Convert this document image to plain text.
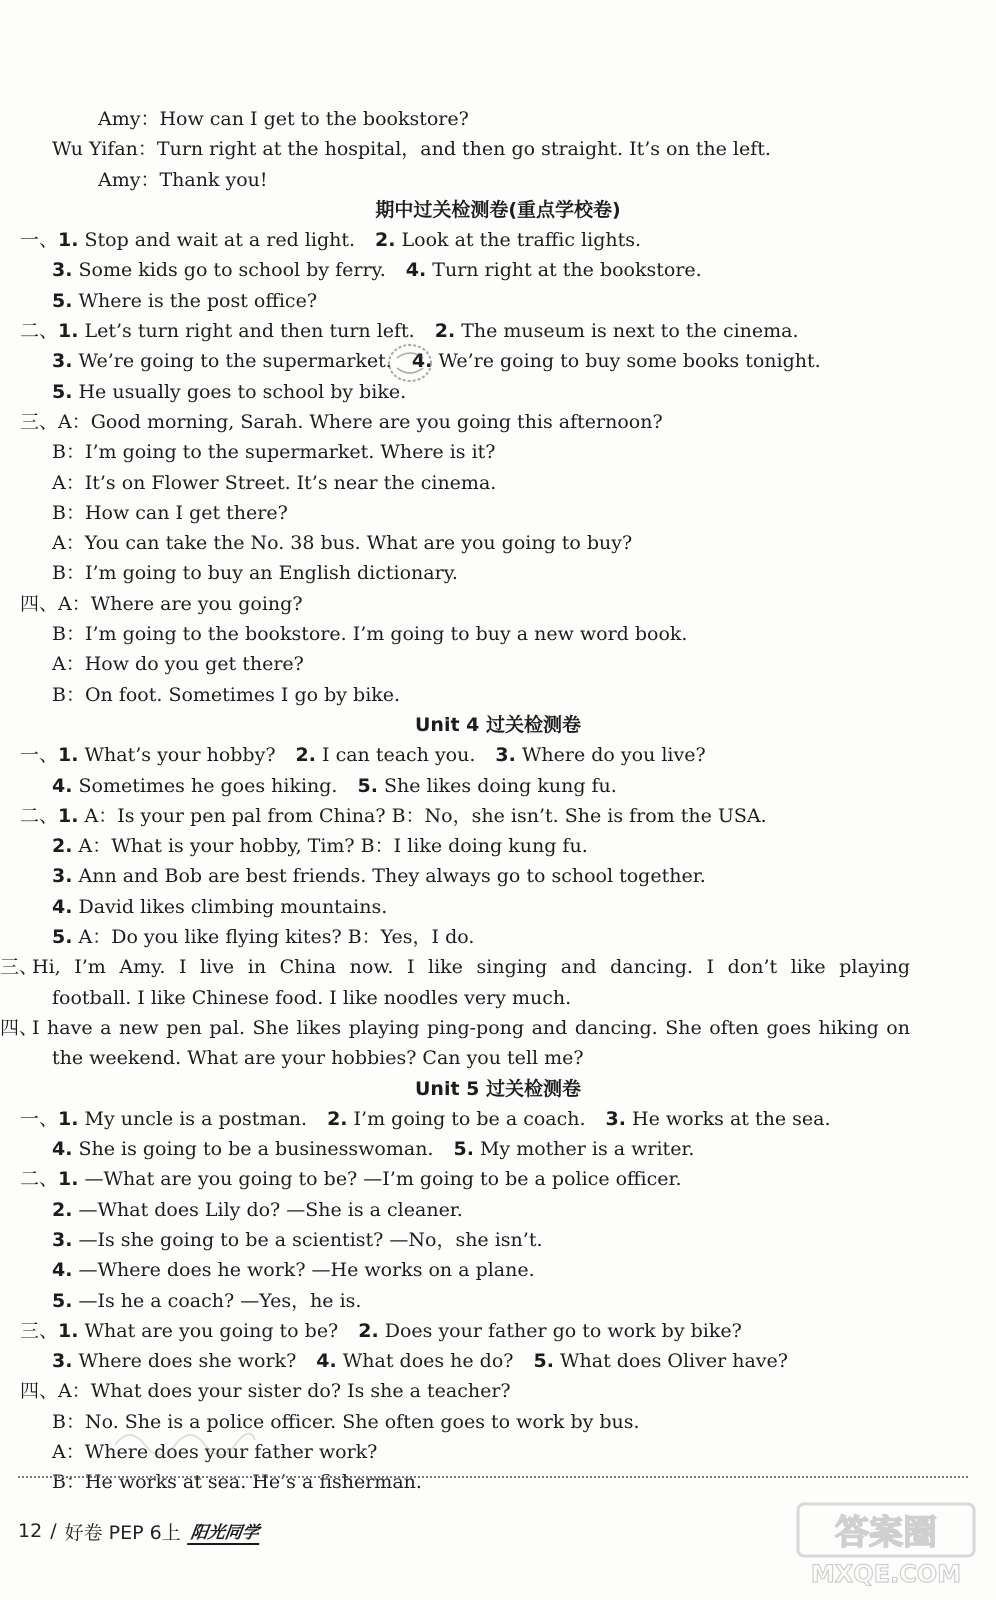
Amy：How can I get to the bookstore?
Wu Yifan：Turn right at the hospital，and then go straight. It’s on the left.
Amy：Thank you!
期中过关检测卷(重点学校卷)
一、1. Stop and wait at a red light. 2. Look at the traffic lights.
3. Some kids go to school by ferry. 4. Turn right at the bookstore.
5. Where is the post office?
二、1. Let’s turn right and then turn left. 2. The museum is next to the cinema.
3. We’re going to the supermarket. 4. We’re going to buy some books tonight.
5. He usually goes to school by bike.
三、A：Good morning, Sarah. Where are you going this afternoon?
B：I’m going to the supermarket. Where is it?
A：It’s on Flower Street. It’s near the cinema.
B：How can I get there?
A：You can take the No. 38 bus. What are you going to buy?
B：I’m going to buy an English dictionary.
四、A：Where are you going?
B：I’m going to the bookstore. I’m going to buy a new word book.
A：How do you get there?
B：On foot. Sometimes I go by bike.
Unit 4 过关检测卷
一、1. What’s your hobby? 2. I can teach you. 3. Where do you live?
4. Sometimes he goes hiking. 5. She likes doing kung fu.
二、1. A：Is your pen pal from China? B：No，she isn’t. She is from the USA.
2. A：What is your hobby, Tim? B：I like doing kung fu.
3. Ann and Bob are best friends. They always go to school together.
4. David likes climbing mountains.
5. A：Do you like flying kites? B：Yes，I do.
三、Hi, I’m Amy. I live in China now. I like singing and dancing. I don’t like playing
football. I like Chinese food. I like noodles very much.
四、I have a new pen pal. She likes playing ping-pong and dancing. She often goes hiking on
the weekend. What are your hobbies? Can you tell me?
Unit 5 过关检测卷
一、1. My uncle is a postman. 2. I’m going to be a coach. 3. He works at the sea.
4. She is going to be a businesswoman. 5. My mother is a writer.
二、1. —What are you going to be? —I’m going to be a police officer.
2. —What does Lily do? —She is a cleaner.
3. —Is she going to be a scientist? —No，she isn’t.
4. —Where does he work? —He works on a plane.
5. —Is he a coach? —Yes，he is.
三、1. What are you going to be? 2. Does your father go to work by bike?
3. Where does she work? 4. What does he do? 5. What does Oliver have?
四、A：What does your sister do? Is she a teacher?
B：No. She is a police officer. She often goes to work by bus.
A：Where does your father work?
B：He works at sea. He’s a fisherman.
12 / 好卷 PEP 6上 阳光同学	答案圈
MXQE.COM
